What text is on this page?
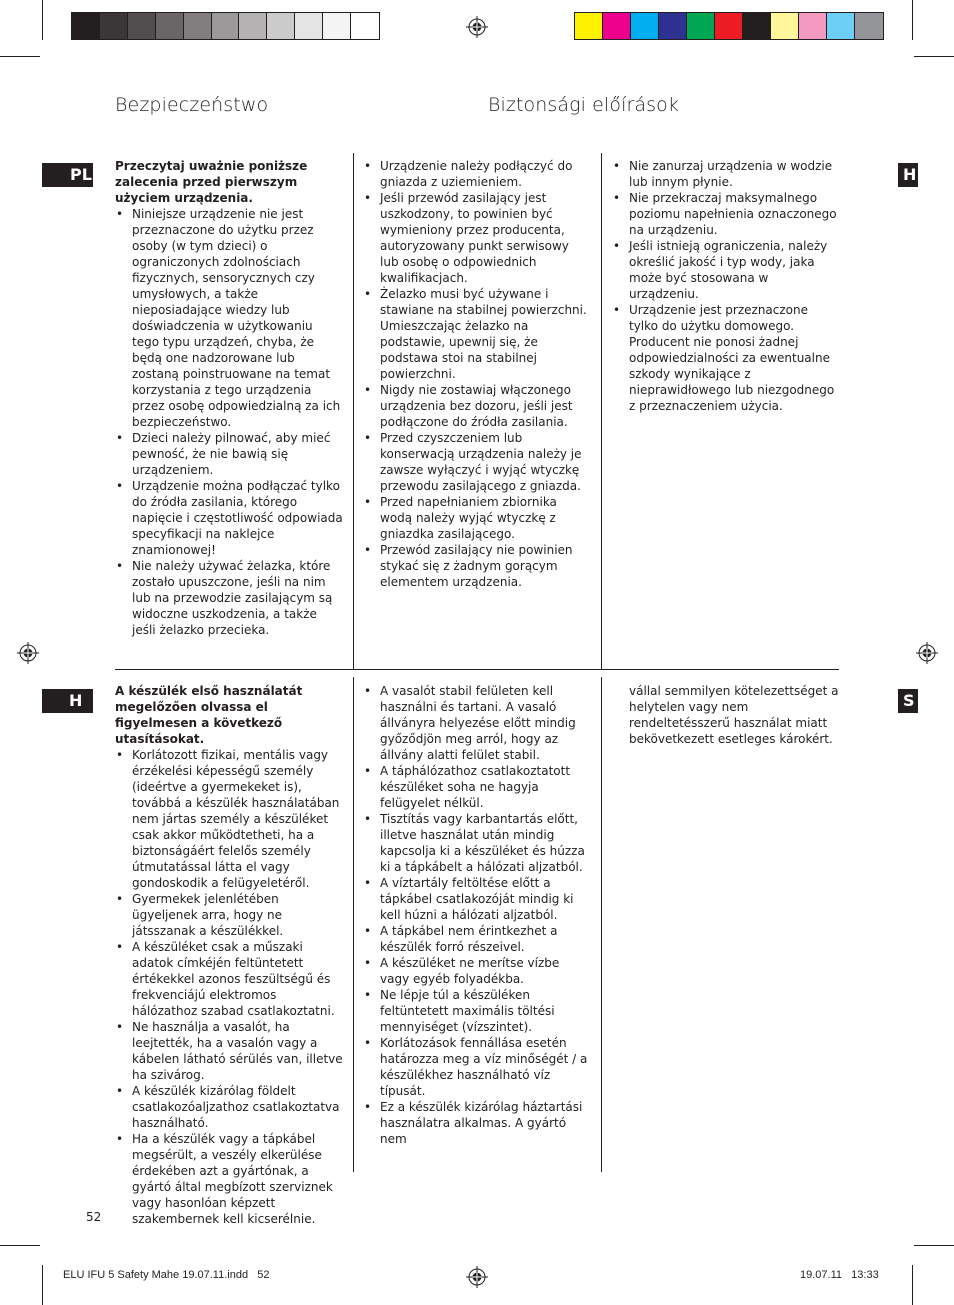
Bezpieczeństwo	Biztonsági előírások
PL	H
H	S
Przeczytaj uważnie poniższe zalecenia przed pierwszym użyciem urządzenia.
• Niniejsze urządzenie nie jest przeznaczone do użytku przez osoby (w tym dzieci) o ograniczonych zdolnościach fizycznych, sensorycznych czy umysłowych, a także nieposiadające wiedzy lub doświadczenia w użytkowaniu tego typu urządzeń, chyba, że będą one nadzorowane lub zostaną poinstruowane na temat korzystania z tego urządzenia przez osobę odpowiedzialną za ich bezpieczeństwo.
• Dzieci należy pilnować, aby mieć pewność, że nie bawią się urządzeniem.
• Urządzenie można podłączać tylko do źródła zasilania, którego napięcie i częstotliwość odpowiada specyfikacji na naklejce znamionowej!
• Nie należy używać żelazka, które zostało upuszczone, jeśli na nim lub na przewodzie zasilającym są widoczne uszkodzenia, a także jeśli żelazko przecieka.
• Urządzenie należy podłączyć do gniazda z uziemieniem.
• Jeśli przewód zasilający jest uszkodzony, to powinien być wymieniony przez producenta, autoryzowany punkt serwisowy lub osobę o odpowiednich kwalifikacjach.
• Żelazko musi być używane i stawiane na stabilnej powierzchni. Umieszczając żelazko na podstawie, upewnij się, że podstawa stoi na stabilnej powierzchni.
• Nigdy nie zostawiaj włączonego urządzenia bez dozoru, jeśli jest podłączone do źródła zasilania.
• Przed czyszczeniem lub konserwacją urządzenia należy je zawsze wyłączyć i wyjąć wtyczkę przewodu zasilającego z gniazda.
• Przed napełnianiem zbiornika wodą należy wyjąć wtyczkę z gniazdka zasilającego.
• Przewód zasilający nie powinien stykać się z żadnym gorącym elementem urządzenia.
• Nie zanurzaj urządzenia w wodzie lub innym płynie.
• Nie przekraczaj maksymalnego poziomu napełnienia oznaczonego na urządzeniu.
• Jeśli istnieją ograniczenia, należy określić jakość i typ wody, jaka może być stosowana w urządzeniu.
• Urządzenie jest przeznaczone tylko do użytku domowego. Producent nie ponosi żadnej odpowiedzialności za ewentualne szkody wynikające z nieprawidłowego lub niezgodnego z przeznaczeniem użycia.
A készülék első használatát megelőzően olvassa el figyelmesen a következő utasításokat.
• Korlátozott fizikai, mentális vagy érzékelési képességű személy (ideértve a gyermekeket is), továbbá a készülék használatában nem jártas személy a készüléket csak akkor működtetheti, ha a biztonságáért felelős személy útmutatással látta el vagy gondoskodik a felügyeletéről.
• Gyermekek jelenlétében ügyeljenek arra, hogy ne játsszanak a készülékkel.
• A készüléket csak a műszaki adatok címkéjén feltüntetett értékekkel azonos feszültségű és frekvenciájú elektromos hálózathoz szabad csatlakoztatni.
• Ne használja a vasalót, ha leejtették, ha a vasalón vagy a kábelen látható sérülés van, illetve ha szivárog.
• A készülék kizárólag földelt csatlakozóaljzathoz csatlakoztatva használható.
• Ha a készülék vagy a tápkábel megsérült, a veszély elkerülése érdekében azt a gyártónak, a gyártó által megbízott szerviznek vagy hasonlóan képzett szakembernek kell kicserélnie.
• A vasalót stabil felületen kell használni és tartani. A vasaló állványra helyezése előtt mindig győződjön meg arról, hogy az állvány alatti felület stabil.
• A táphálózathoz csatlakoztatott készüléket soha ne hagyja felügyelet nélkül.
• Tisztítás vagy karbantartás előtt, illetve használat után mindig kapcsolja ki a készüléket és húzza ki a tápkábelt a hálózati aljzatból.
• A víztartály feltöltése előtt a tápkábel csatlakozóját mindig ki kell húzni a hálózati aljzatból.
• A tápkábel nem érintkezhet a készülék forró részeivel.
• A készüléket ne merítse vízbe vagy egyéb folyadékba.
• Ne lépje túl a készüléken feltüntetett maximális töltési mennyiséget (vízszintet).
• Korlátozások fennállása esetén határozza meg a víz minőségét / a készülékhez használható víz típusát.
• Ez a készülék kizárólag háztartási használatra alkalmas. A gyártó nem

vállal semmilyen kötelezettséget a helytelen vagy nem rendeltetésszerű használat miatt bekövetkezett esetleges károkért.

52
ELU IFU 5 Safety Mahe 19.07.11.indd   52	19.07.11   13:33
